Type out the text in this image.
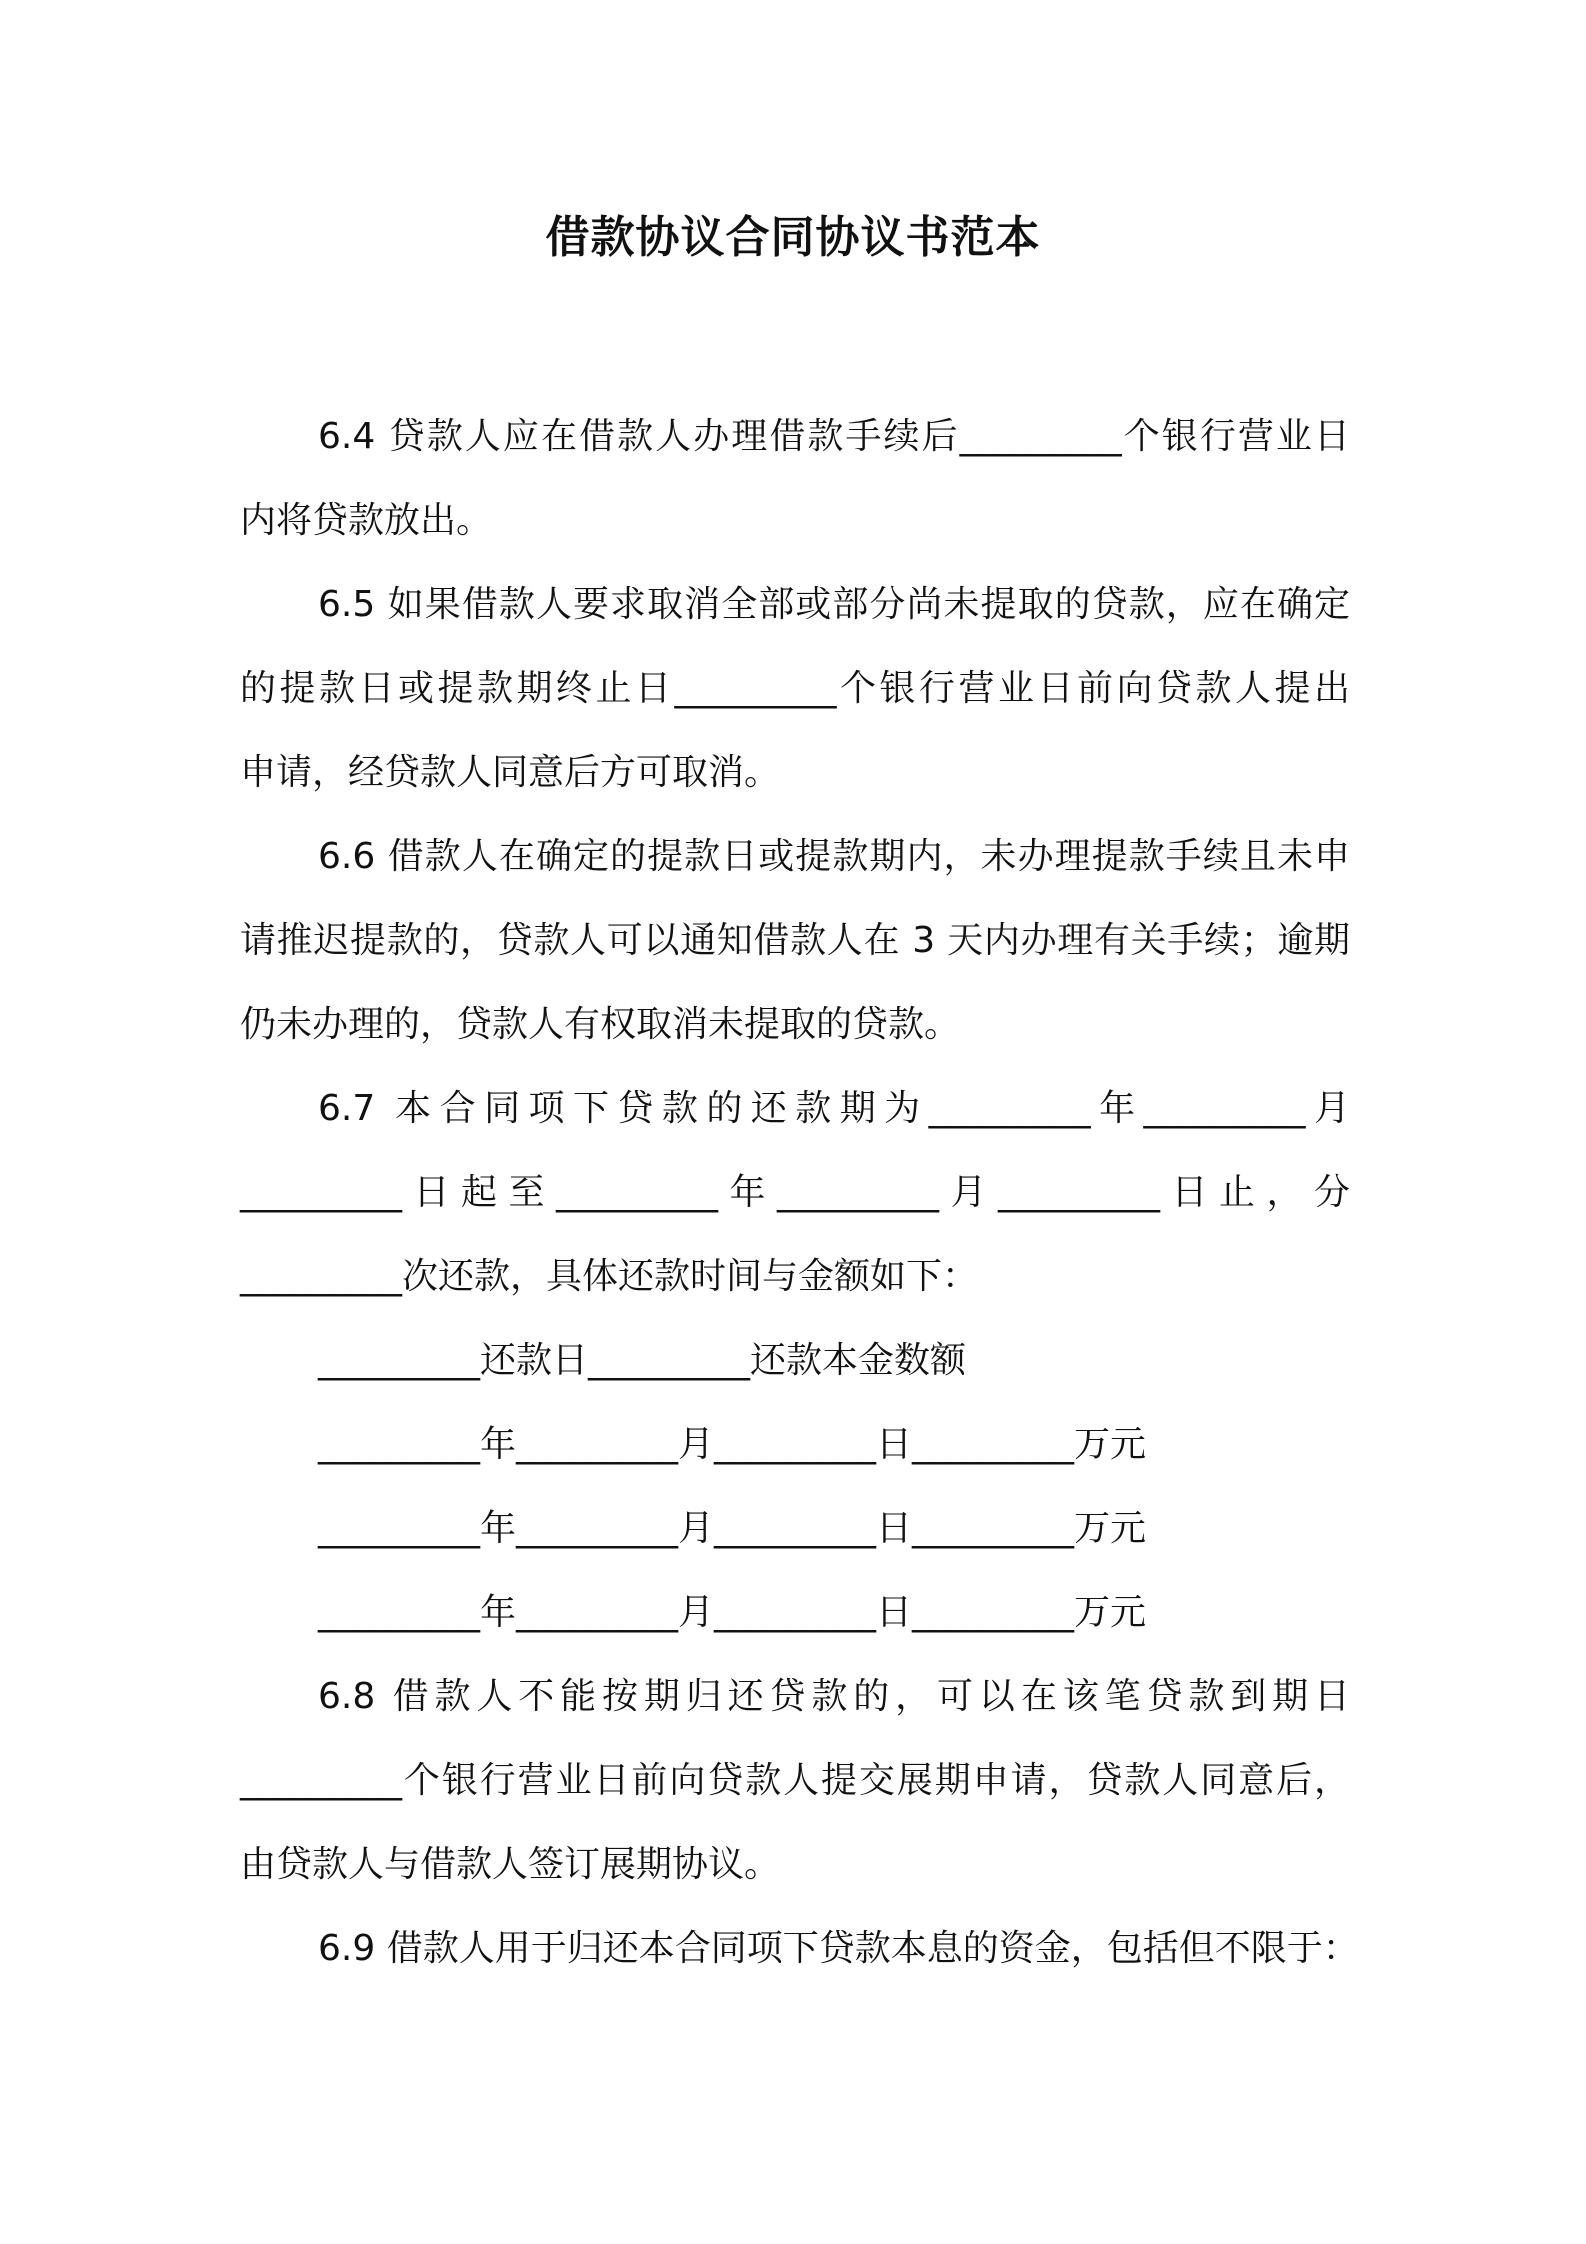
借款协议合同协议书范本
6.4 贷款人应在借款人办理借款手续后_________个银行营业日
内将贷款放出。
6.5 如果借款人要求取消全部或部分尚未提取的贷款，应在确定
的提款日或提款期终止日_________个银行营业日前向贷款人提出
申请，经贷款人同意后方可取消。
6.6 借款人在确定的提款日或提款期内，未办理提款手续且未申
请推迟提款的，贷款人可以通知借款人在 3 天内办理有关手续；逾期
仍未办理的，贷款人有权取消未提取的贷款。
6.7 本合同项下贷款的还款期为_________年_________月
_________日起至_________年_________月_________日止，分
_________次还款，具体还款时间与金额如下：
_________还款日_________还款本金数额
_________年_________月_________日_________万元
_________年_________月_________日_________万元
_________年_________月_________日_________万元
6.8 借款人不能按期归还贷款的，可以在该笔贷款到期日
_________个银行营业日前向贷款人提交展期申请，贷款人同意后，
由贷款人与借款人签订展期协议。
6.9 借款人用于归还本合同项下贷款本息的资金，包括但不限于：
